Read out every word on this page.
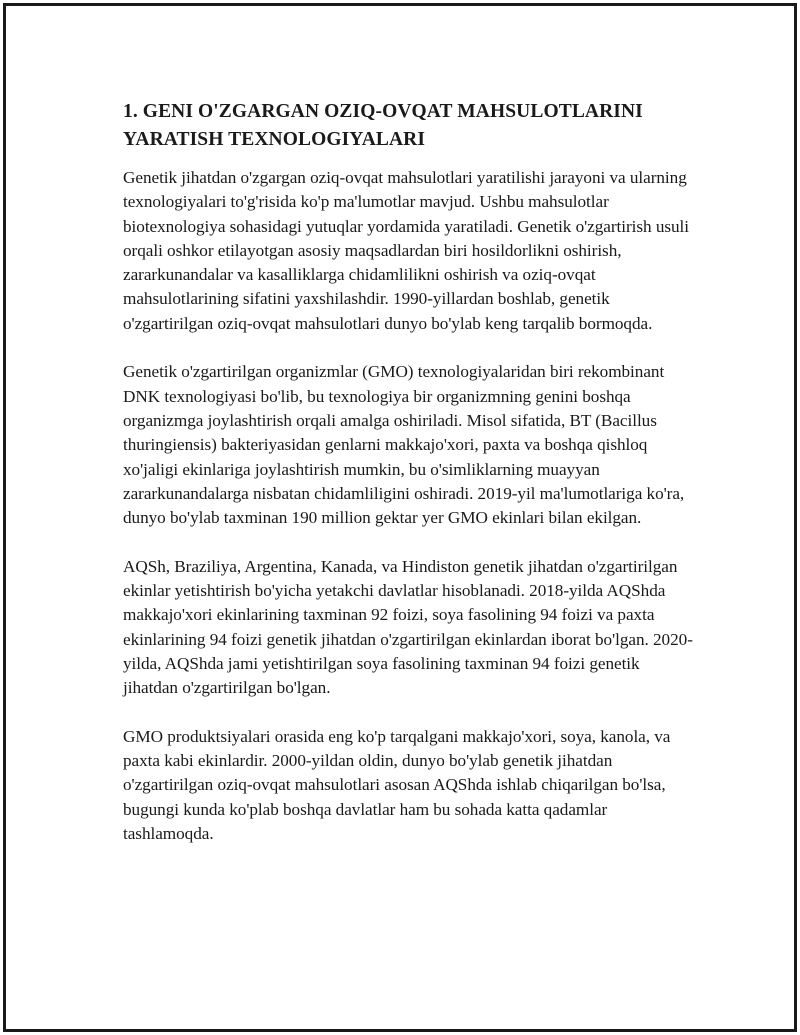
1. GENI O'ZGARGAN OZIQ-OVQAT MAHSULOTLARINI YARATISH TEXNOLOGIYALARI

Genetik jihatdan o'zgargan oziq-ovqat mahsulotlari yaratilishi jarayoni va ularning texnologiyalari to'g'risida ko'p ma'lumotlar mavjud. Ushbu mahsulotlar biotexnologiya sohasidagi yutuqlar yordamida yaratiladi. Genetik o'zgartirish usuli orqali oshkor etilayotgan asosiy maqsadlardan biri hosildorlikni oshirish, zararkunandalar va kasalliklarga chidamlilikni oshirish va oziq-ovqat mahsulotlarining sifatini yaxshilashdir. 1990-yillardan boshlab, genetik o'zgartirilgan oziq-ovqat mahsulotlari dunyo bo'ylab keng tarqalib bormoqda.

Genetik o'zgartirilgan organizmlar (GMO) texnologiyalaridan biri rekombinant DNK texnologiyasi bo'lib, bu texnologiya bir organizmning genini boshqa organizmga joylashtirish orqali amalga oshiriladi. Misol sifatida, BT (Bacillus thuringiensis) bakteriyasidan genlarni makkajo'xori, paxta va boshqa qishloq xo'jaligi ekinlariga joylashtirish mumkin, bu o'simliklarning muayyan zararkunandalarga nisbatan chidamliligini oshiradi. 2019-yil ma'lumotlariga ko'ra, dunyo bo'ylab taxminan 190 million gektar yer GMO ekinlari bilan ekilgan.

AQSh, Braziliya, Argentina, Kanada, va Hindiston genetik jihatdan o'zgartirilgan ekinlar yetishtirish bo'yicha yetakchi davlatlar hisoblanadi. 2018-yilda AQShda makkajo'xori ekinlarining taxminan 92 foizi, soya fasolining 94 foizi va paxta ekinlarining 94 foizi genetik jihatdan o'zgartirilgan ekinlardan iborat bo'lgan. 2020-yilda, AQShda jami yetishtirilgan soya fasolining taxminan 94 foizi genetik jihatdan o'zgartirilgan bo'lgan.

GMO produktsiyalari orasida eng ko'p tarqalgani makkajo'xori, soya, kanola, va paxta kabi ekinlardir. 2000-yildan oldin, dunyo bo'ylab genetik jihatdan o'zgartirilgan oziq-ovqat mahsulotlari asosan AQShda ishlab chiqarilgan bo'lsa, bugungi kunda ko'plab boshqa davlatlar ham bu sohada katta qadamlar tashlamoqda.
